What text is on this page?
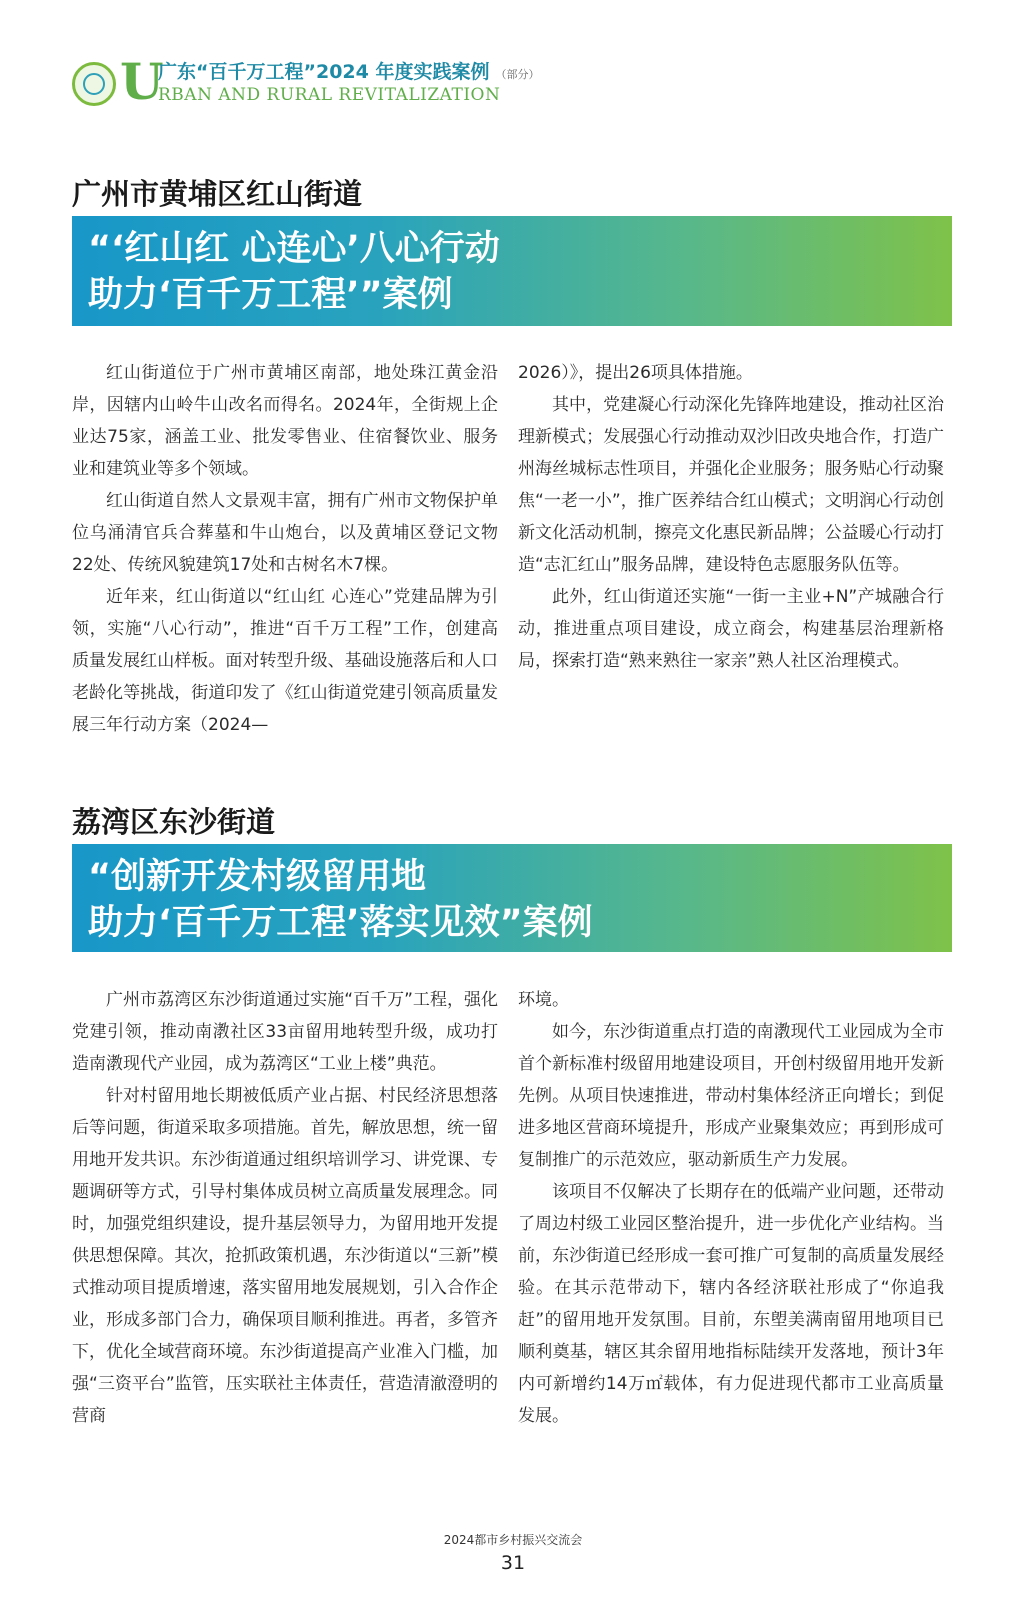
U
广东“百千万工程”2024 年度实践案例 （部分）
RBAN AND RURAL REVITALIZATION
广州市黄埔区红山街道
“‘红山红 心连心’八心行动
助力‘百千万工程’”案例

红山街道位于广州市黄埔区南部，地处珠江黄金沿岸，因辖内山岭牛山改名而得名。2024年，全街规上企业达75家，涵盖工业、批发零售业、住宿餐饮业、服务业和建筑业等多个领域。

红山街道自然人文景观丰富，拥有广州市文物保护单位乌涌清官兵合葬墓和牛山炮台，以及黄埔区登记文物22处、传统风貌建筑17处和古树名木7棵。

近年来，红山街道以“红山红 心连心”党建品牌为引领，实施“八心行动”，推进“百千万工程”工作，创建高质量发展红山样板。面对转型升级、基础设施落后和人口老龄化等挑战，街道印发了《红山街道党建引领高质量发展三年行动方案（2024—

2026）》，提出26项具体措施。

其中，党建凝心行动深化先锋阵地建设，推动社区治理新模式；发展强心行动推动双沙旧改央地合作，打造广州海丝城标志性项目，并强化企业服务；服务贴心行动聚焦“一老一小”，推广医养结合红山模式；文明润心行动创新文化活动机制，擦亮文化惠民新品牌；公益暖心行动打造“志汇红山”服务品牌，建设特色志愿服务队伍等。

此外，红山街道还实施“一街一主业+N”产城融合行动，推进重点项目建设，成立商会，构建基层治理新格局，探索打造“熟来熟往一家亲”熟人社区治理模式。

荔湾区东沙街道
“创新开发村级留用地
助力‘百千万工程’落实见效”案例

广州市荔湾区东沙街道通过实施“百千万”工程，强化党建引领，推动南漖社区33亩留用地转型升级，成功打造南漖现代产业园，成为荔湾区“工业上楼”典范。

针对村留用地长期被低质产业占据、村民经济思想落后等问题，街道采取多项措施。首先，解放思想，统一留用地开发共识。东沙街道通过组织培训学习、讲党课、专题调研等方式，引导村集体成员树立高质量发展理念。同时，加强党组织建设，提升基层领导力，为留用地开发提供思想保障。其次，抢抓政策机遇，东沙街道以“三新”模式推动项目提质增速，落实留用地发展规划，引入合作企业，形成多部门合力，确保项目顺利推进。再者，多管齐下，优化全域营商环境。东沙街道提高产业准入门槛，加强“三资平台”监管，压实联社主体责任，营造清澈澄明的营商

环境。

如今，东沙街道重点打造的南漖现代工业园成为全市首个新标准村级留用地建设项目，开创村级留用地开发新先例。从项目快速推进，带动村集体经济正向增长；到促进多地区营商环境提升，形成产业聚集效应；再到形成可复制推广的示范效应，驱动新质生产力发展。

该项目不仅解决了长期存在的低端产业问题，还带动了周边村级工业园区整治提升，进一步优化产业结构。当前，东沙街道已经形成一套可推广可复制的高质量发展经验。在其示范带动下，辖内各经济联社形成了“你追我赶”的留用地开发氛围。目前，东塱美满南留用地项目已顺利奠基，辖区其余留用地指标陆续开发落地，预计3年内可新增约14万㎡载体，有力促进现代都市工业高质量发展。

2024都市乡村振兴交流会
31
